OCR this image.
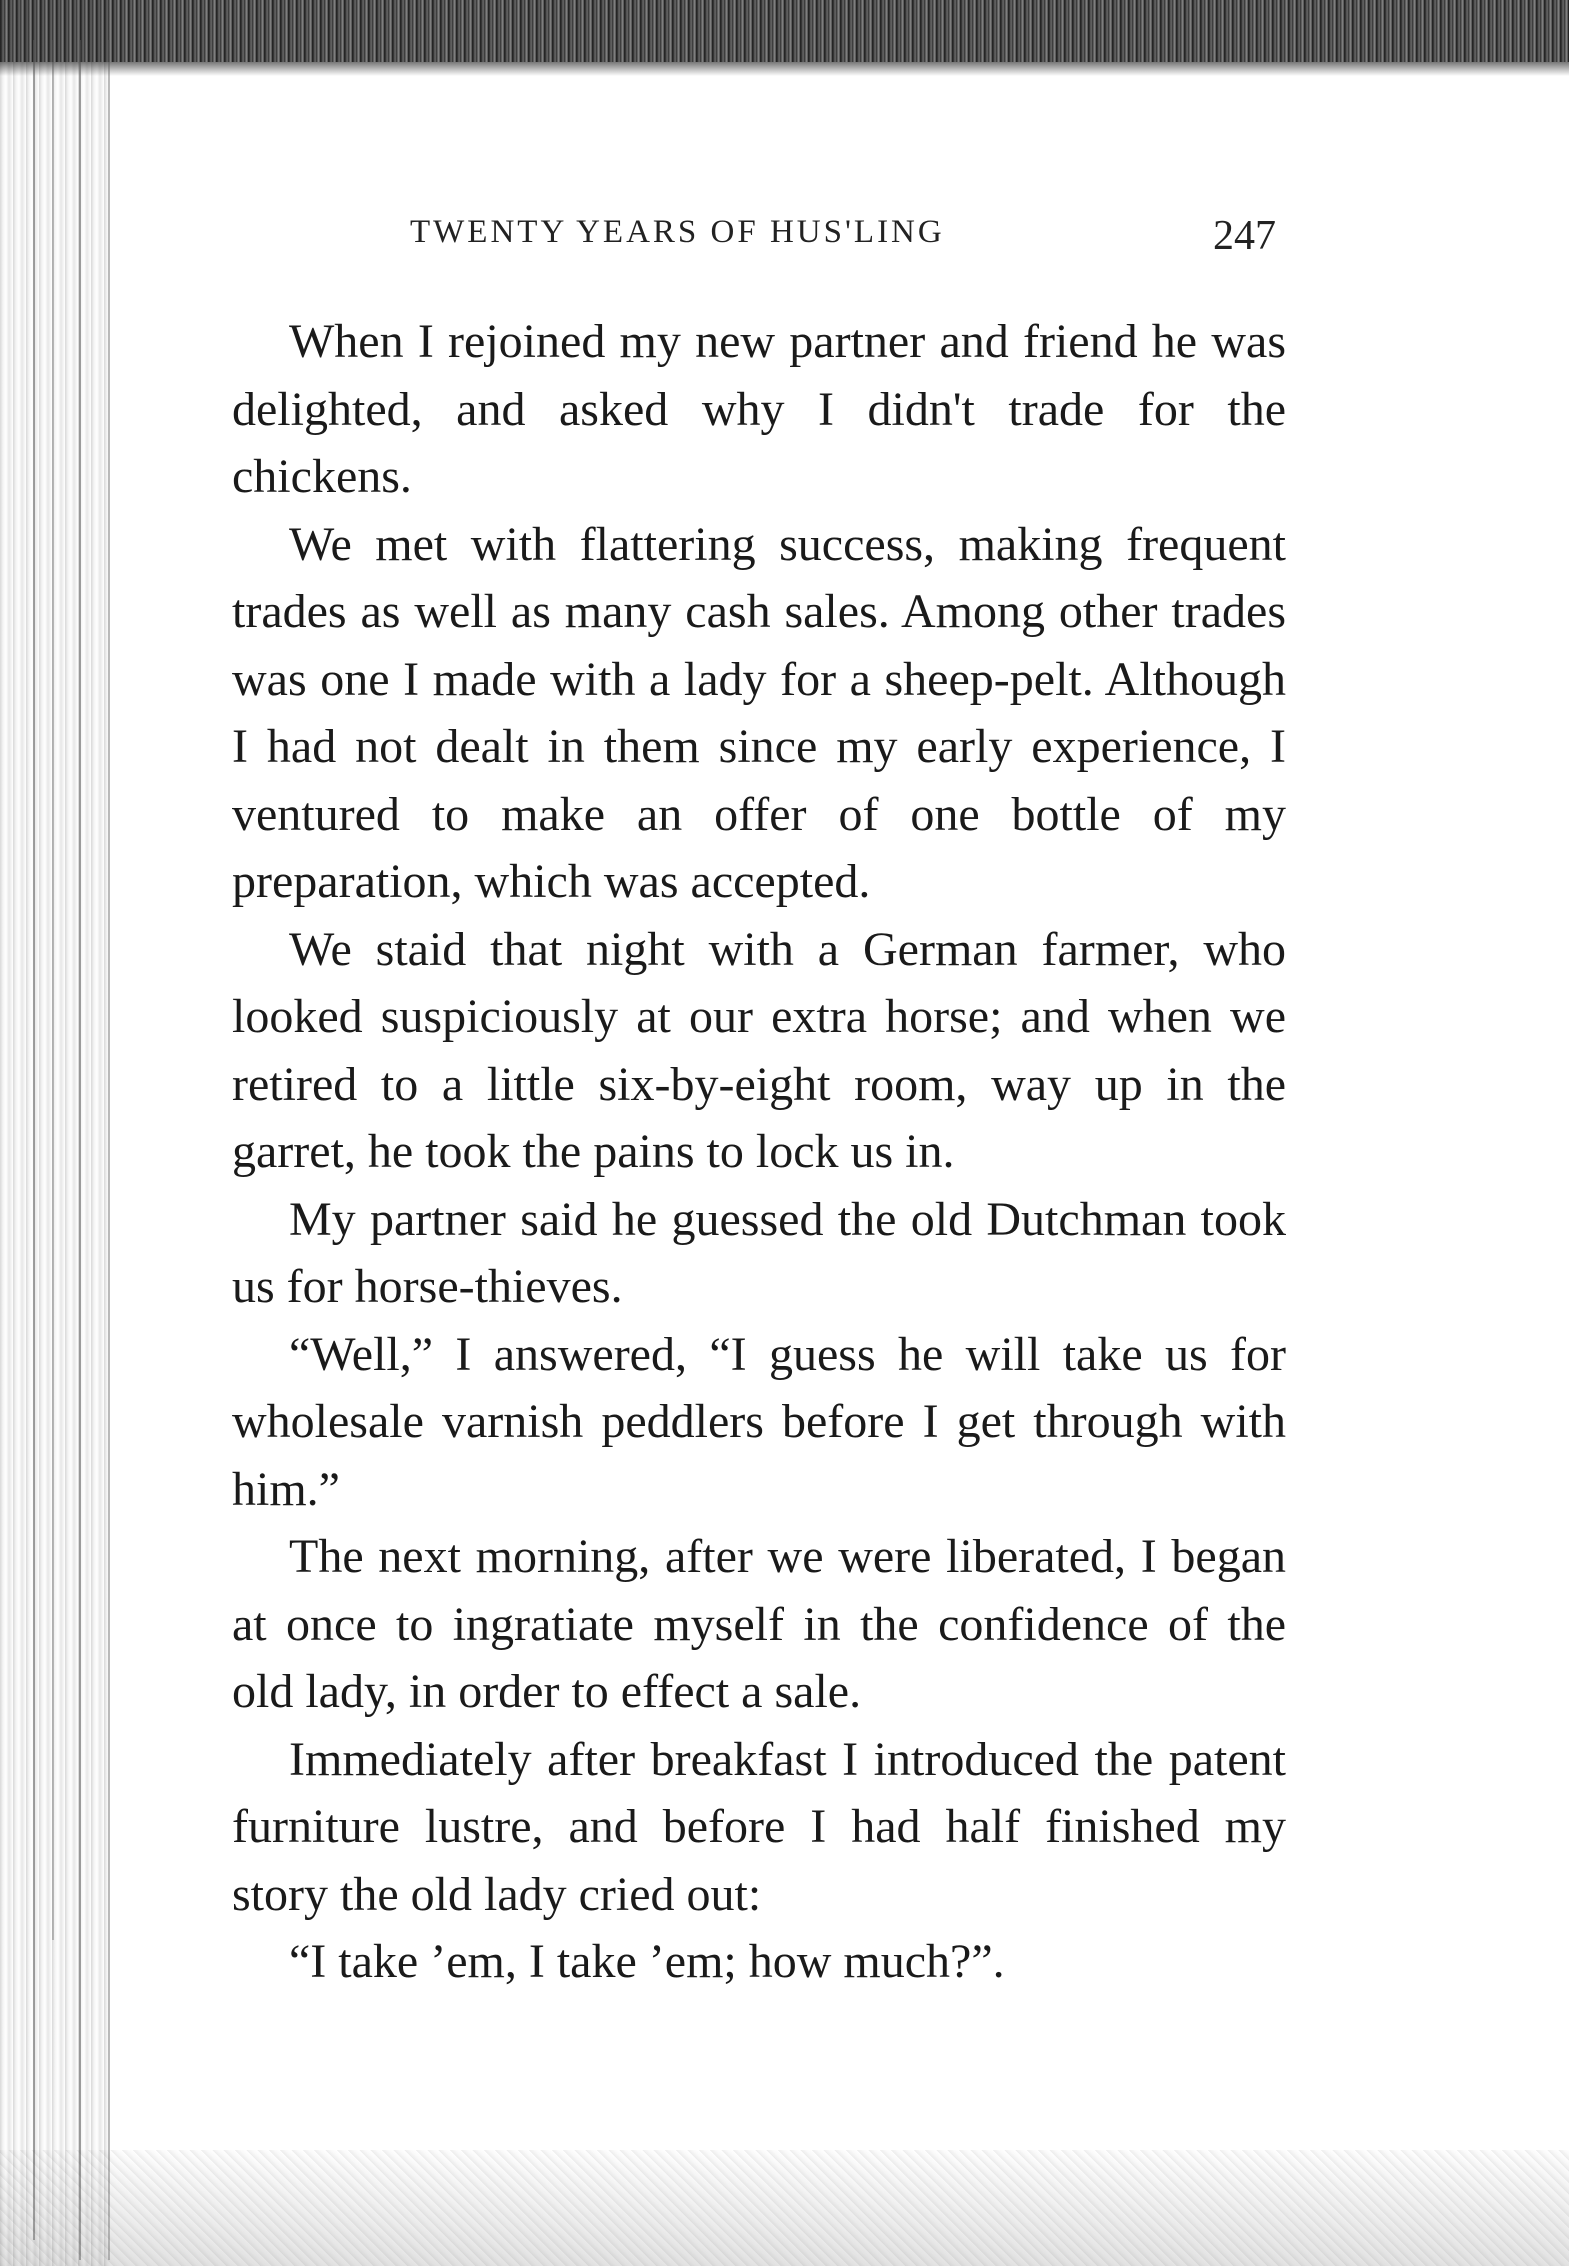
TWENTY YEARS OF HUS'LING	247

When I rejoined my new partner and friend he was delighted, and asked why I didn't trade for the chickens.

We met with flattering success, making frequent trades as well as many cash sales. Among other trades was one I made with a lady for a sheep-pelt. Although I had not dealt in them since my early experience, I ventured to make an offer of one bottle of my preparation, which was accepted.

We staid that night with a German farmer, who looked suspiciously at our extra horse; and when we retired to a little six-by-eight room, way up in the garret, he took the pains to lock us in.

My partner said he guessed the old Dutchman took us for horse-thieves.

“Well,” I answered, “I guess he will take us for wholesale varnish peddlers before I get through with him.”

The next morning, after we were liberated, I began at once to ingratiate myself in the confidence of the old lady, in order to effect a sale.

Immediately after breakfast I introduced the patent furniture lustre, and before I had half finished my story the old lady cried out:

“I take ’em, I take ’em; how much?”.
